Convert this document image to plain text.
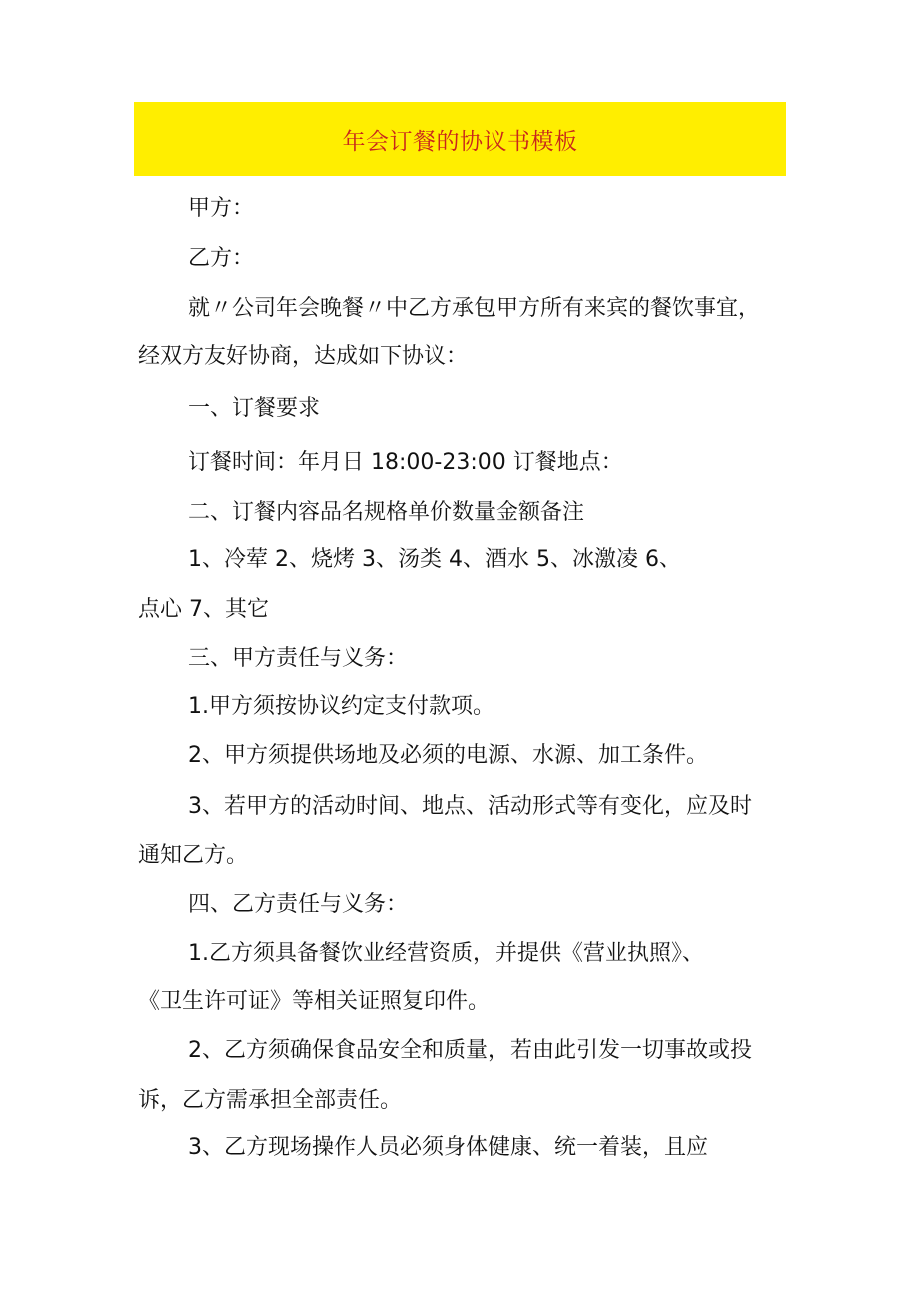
年会订餐的协议书模板
甲方：
乙方：
就〃公司年会晚餐〃中乙方承包甲方所有来宾的餐饮事宜，
经双方友好协商，达成如下协议：
一、订餐要求
订餐时间：年月日 18:00-23:00 订餐地点：
二、订餐内容品名规格单价数量金额备注
1、冷荤 2、烧烤 3、汤类 4、酒水 5、冰激凌 6、
点心 7、其它
三、甲方责任与义务：
1.甲方须按协议约定支付款项。
2、甲方须提供场地及必须的电源、水源、加工条件。
3、若甲方的活动时间、地点、活动形式等有变化，应及时
通知乙方。
四、乙方责任与义务：
1.乙方须具备餐饮业经营资质，并提供《营业执照》、
《卫生许可证》等相关证照复印件。
2、乙方须确保食品安全和质量，若由此引发一切事故或投
诉，乙方需承担全部责任。
3、乙方现场操作人员必须身体健康、统一着装，且应
